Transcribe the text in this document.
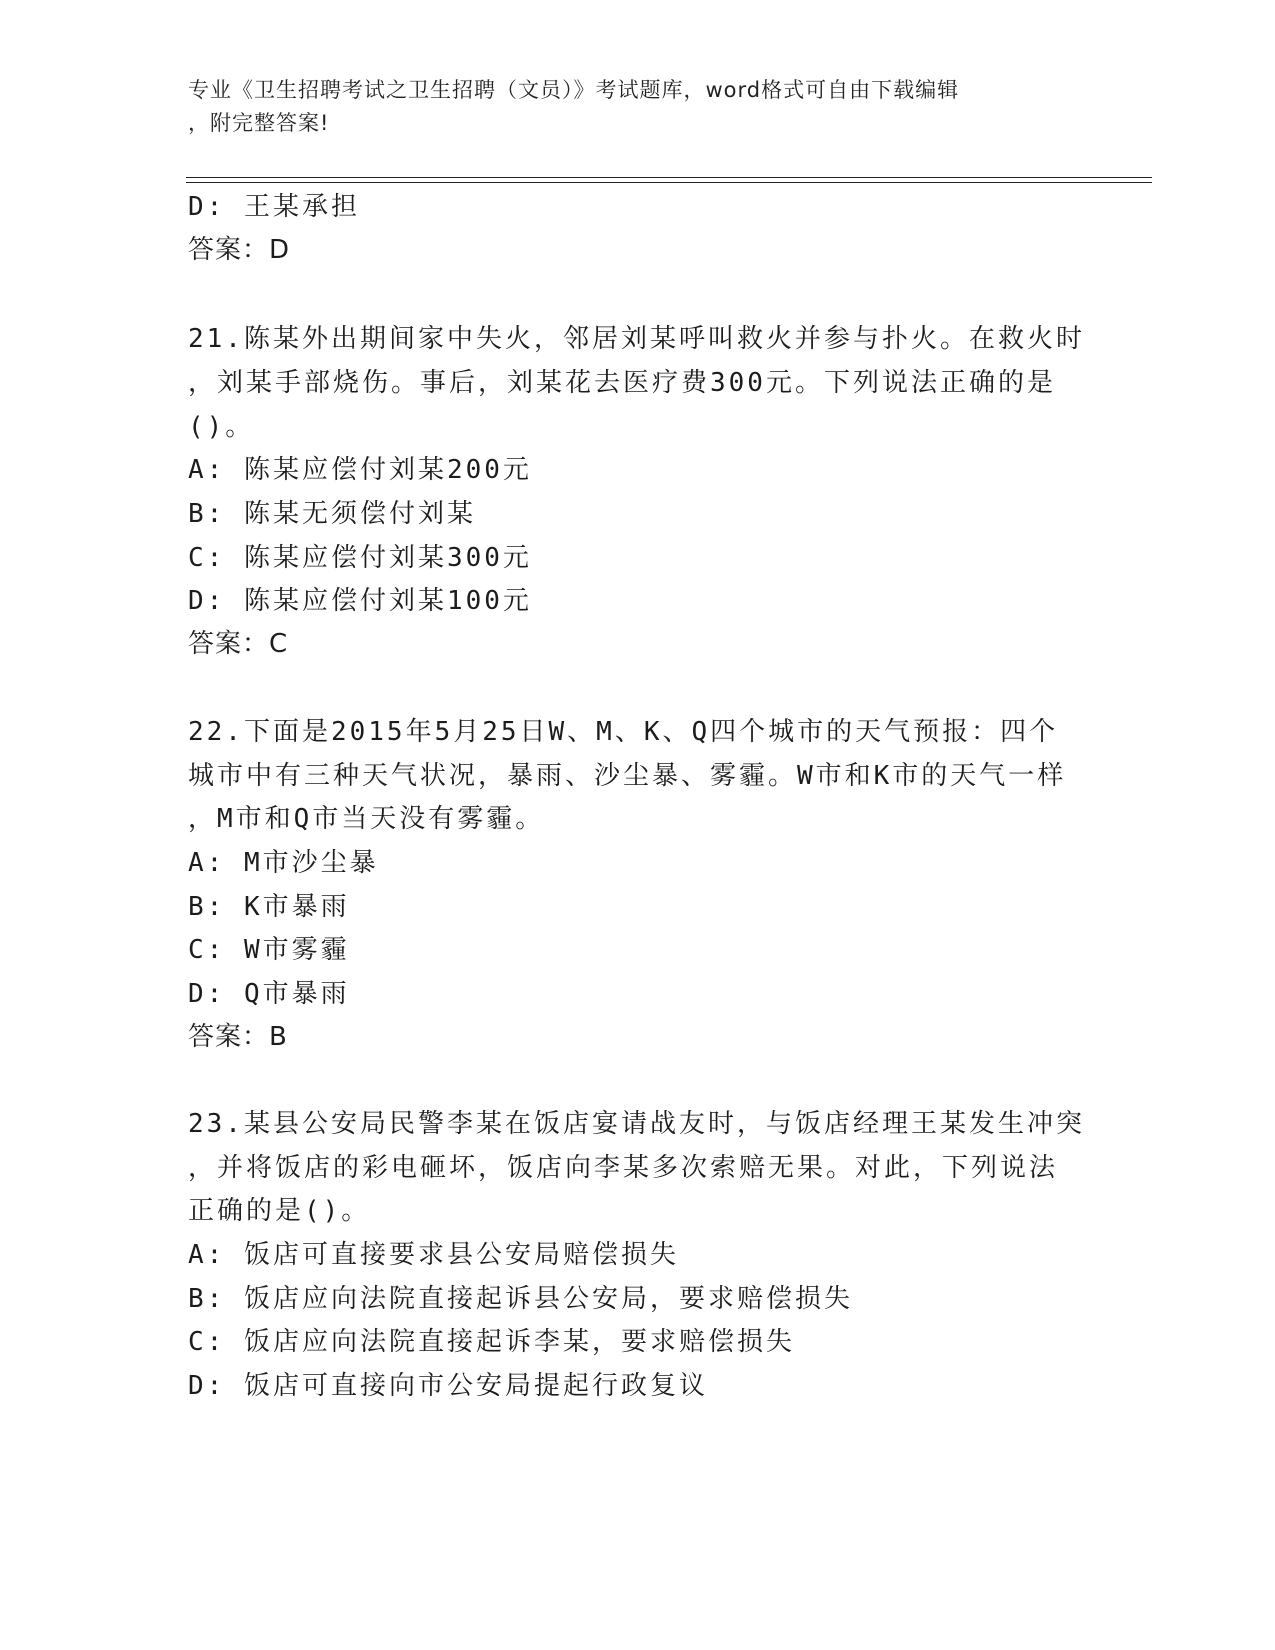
专业《卫生招聘考试之卫生招聘（文员）》考试题库，word格式可自由下载编辑
，附完整答案!
D: 王某承担
答案：D
21.陈某外出期间家中失火，邻居刘某呼叫救火并参与扑火。在救火时
，刘某手部烧伤。事后，刘某花去医疗费300元。下列说法正确的是
()。
A: 陈某应偿付刘某200元
B: 陈某无须偿付刘某
C: 陈某应偿付刘某300元
D: 陈某应偿付刘某100元
答案：C
22.下面是2015年5月25日W、M、K、Q四个城市的天气预报：四个
城市中有三种天气状况，暴雨、沙尘暴、雾霾。W市和K市的天气一样
，M市和Q市当天没有雾霾。
A: M市沙尘暴
B: K市暴雨
C: W市雾霾
D: Q市暴雨
答案：B
23.某县公安局民警李某在饭店宴请战友时，与饭店经理王某发生冲突
，并将饭店的彩电砸坏，饭店向李某多次索赔无果。对此，下列说法
正确的是()。
A: 饭店可直接要求县公安局赔偿损失
B: 饭店应向法院直接起诉县公安局，要求赔偿损失
C: 饭店应向法院直接起诉李某，要求赔偿损失
D: 饭店可直接向市公安局提起行政复议
